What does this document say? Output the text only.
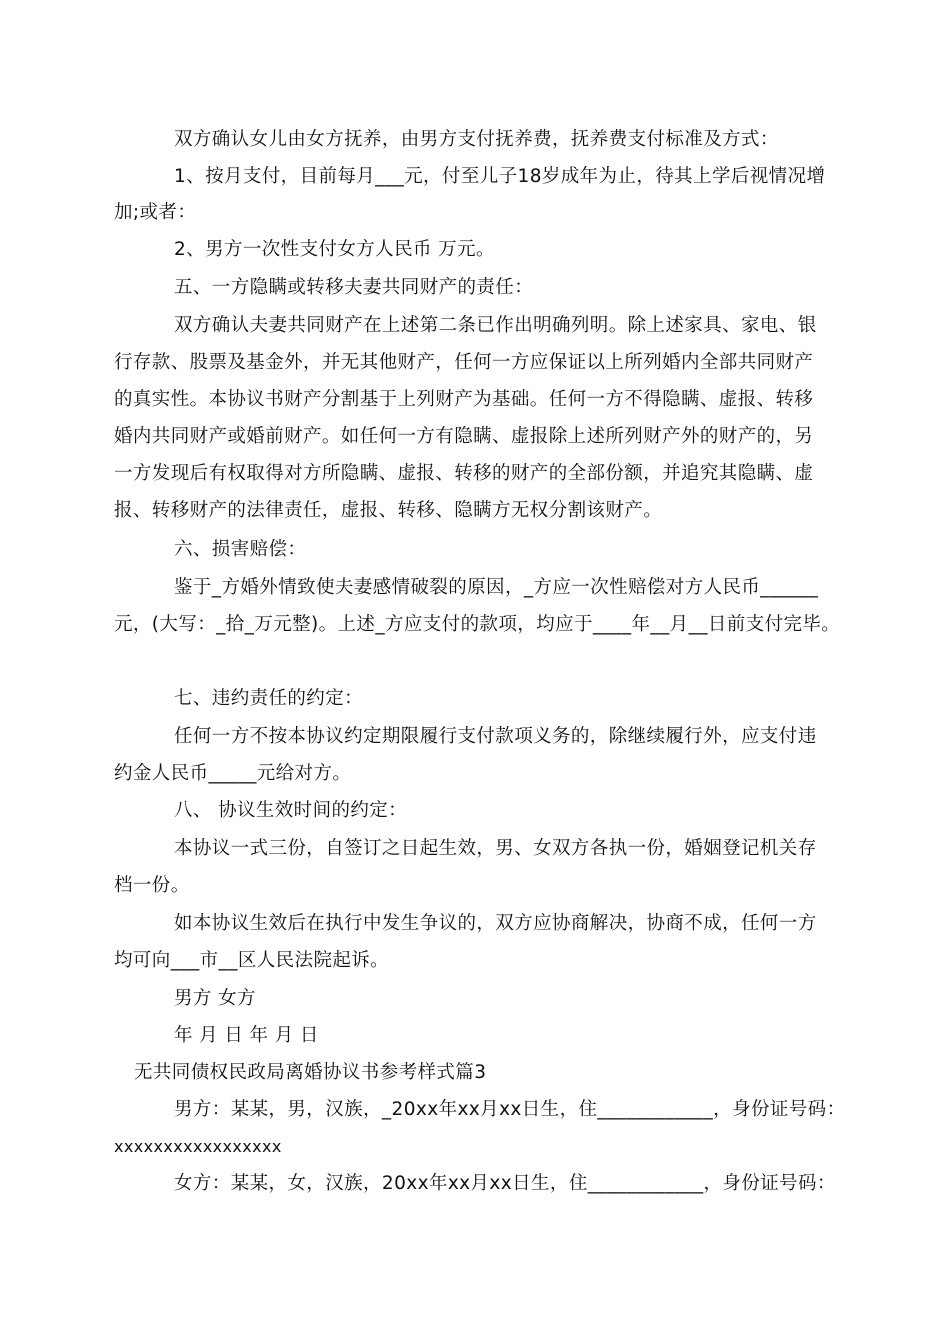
双方确认女儿由女方抚养，由男方支付抚养费，抚养费支付标准及方式：
1、按月支付，目前每月___元，付至儿子18岁成年为止，待其上学后视情况增
加;或者：
2、男方一次性支付女方人民币 万元。
五、一方隐瞒或转移夫妻共同财产的责任：
双方确认夫妻共同财产在上述第二条已作出明确列明。除上述家具、家电、银
行存款、股票及基金外，并无其他财产，任何一方应保证以上所列婚内全部共同财产
的真实性。本协议书财产分割基于上列财产为基础。任何一方不得隐瞒、虚报、转移
婚内共同财产或婚前财产。如任何一方有隐瞒、虚报除上述所列财产外的财产的，另
一方发现后有权取得对方所隐瞒、虚报、转移的财产的全部份额，并追究其隐瞒、虚
报、转移财产的法律责任，虚报、转移、隐瞒方无权分割该财产。
六、损害赔偿：
鉴于_方婚外情致使夫妻感情破裂的原因，_方应一次性赔偿对方人民币______
元，(大写：_拾_万元整)。上述_方应支付的款项，均应于____年__月__日前支付完毕。
七、违约责任的约定：
任何一方不按本协议约定期限履行支付款项义务的，除继续履行外，应支付违
约金人民币_____元给对方。
八、 协议生效时间的约定：
本协议一式三份，自签订之日起生效，男、女双方各执一份，婚姻登记机关存
档一份。
如本协议生效后在执行中发生争议的，双方应协商解决，协商不成，任何一方
均可向___市__区人民法院起诉。
男方 女方
年 月 日 年 月 日
无共同债权民政局离婚协议书参考样式篇3
男方：某某，男，汉族，_20xx年xx月xx日生，住____________，身份证号码：
xxxxxxxxxxxxxxxxx
女方：某某，女，汉族，20xx年xx月xx日生，住____________，身份证号码：
